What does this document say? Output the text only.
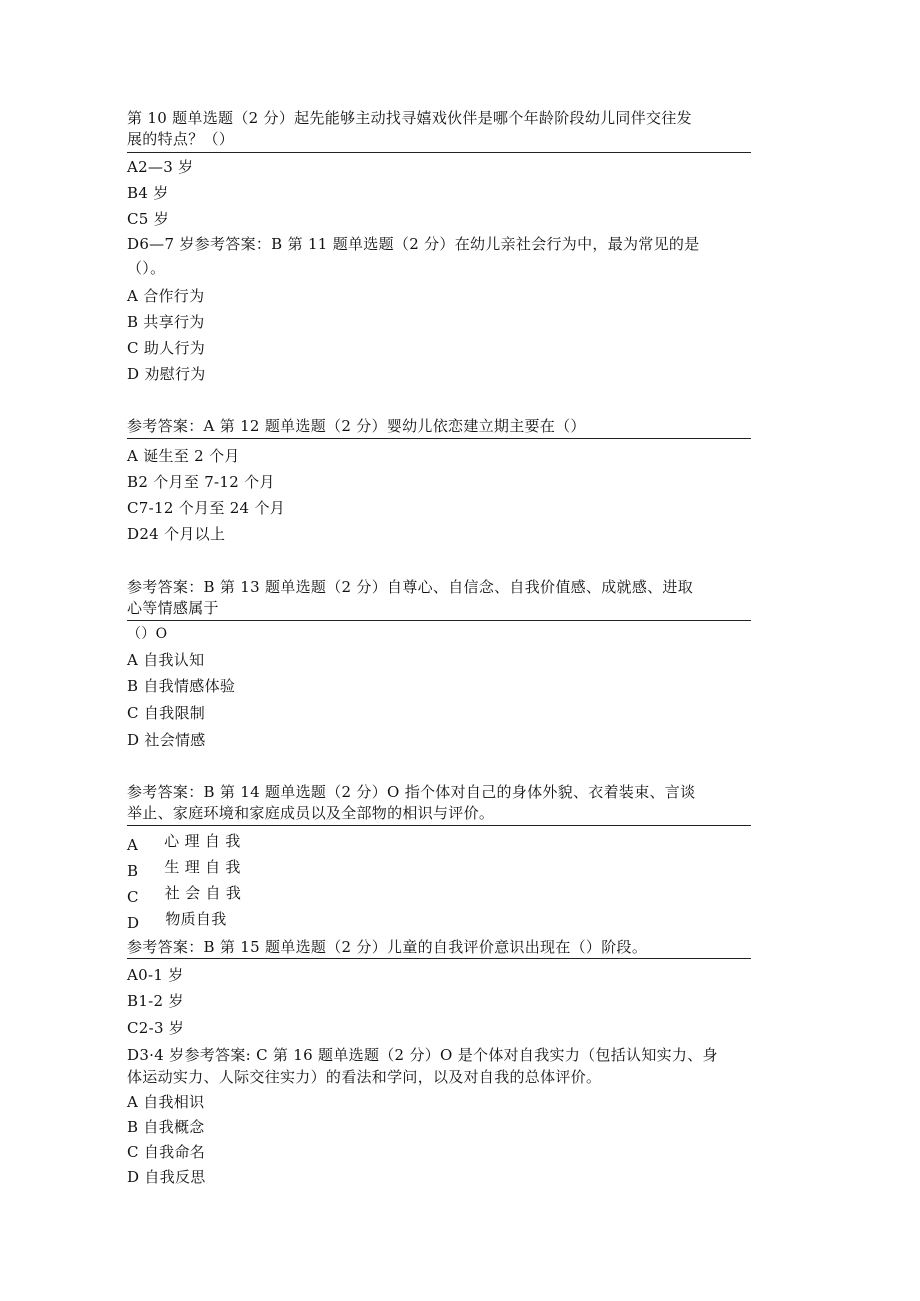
第 10 题单选题（2 分）起先能够主动找寻嬉戏伙伴是哪个年龄阶段幼儿同伴交往发
展的特点？（）
A2—3 岁
B4 岁
C5 岁
D6—7 岁参考答案：B 第 11 题单选题（2 分）在幼儿亲社会行为中，最为常见的是
（）。
A 合作行为
B 共享行为
C 助人行为
D 劝慰行为
参考答案：A 第 12 题单选题（2 分）婴幼儿依恋建立期主要在（）
A 诞生至 2 个月
B2 个月至 7-12 个月
C7-12 个月至 24 个月
D24 个月以上
参考答案：B 第 13 题单选题（2 分）自尊心、自信念、自我价值感、成就感、进取
心等情感属于
（）O
A 自我认知
B 自我情感体验
C 自我限制
D 社会情感
参考答案：B 第 14 题单选题（2 分）O 指个体对自己的身体外貌、衣着装束、言谈
举止、家庭环境和家庭成员以及全部物的相识与评价。
A 心 理 自 我
B 生 理 自 我
C 社 会 自 我
D 物质自我
参考答案：B 第 15 题单选题（2 分）儿童的自我评价意识出现在（）阶段。
A0-1 岁
B1-2 岁
C2-3 岁
D3·4 岁参考答案: C 第 16 题单选题（2 分）O 是个体对自我实力（包括认知实力、身
体运动实力、人际交往实力）的看法和学问，以及对自我的总体评价。
A 自我相识
B 自我概念
C 自我命名
D 自我反思
